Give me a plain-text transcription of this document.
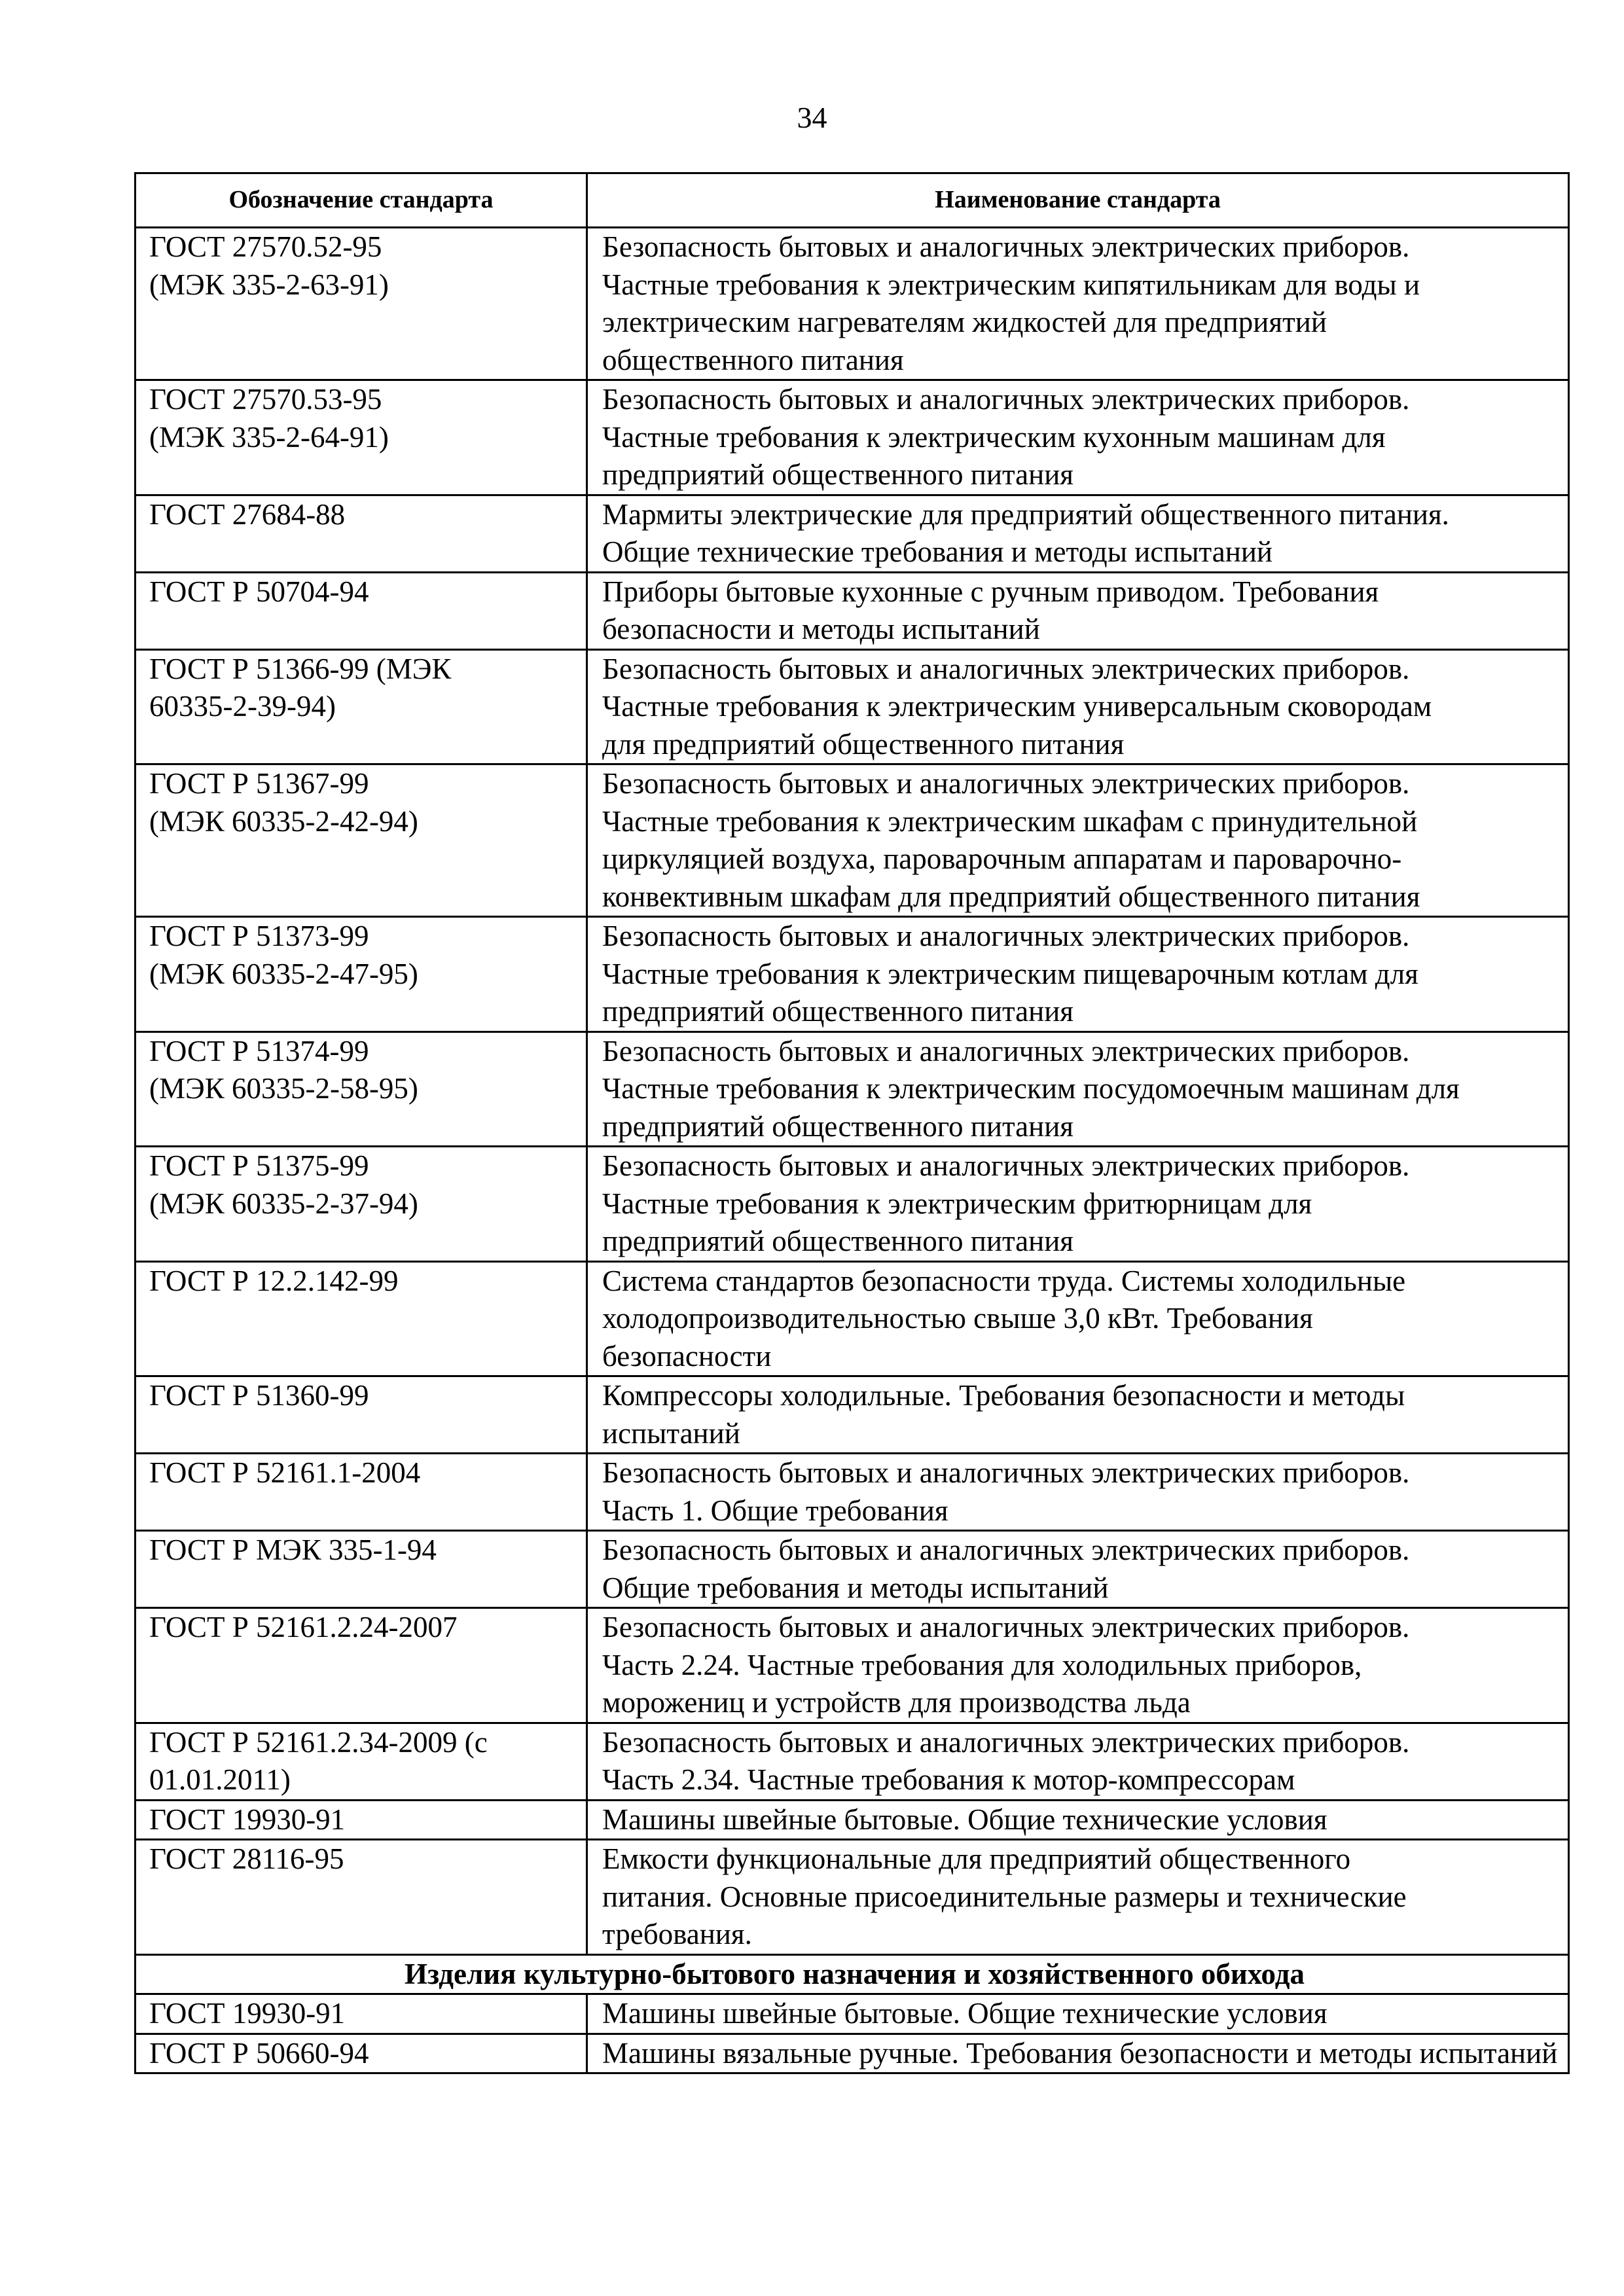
34
Обозначение стандарта	Наименование стандарта
ГОСТ 27570.52-95
(МЭК 335-2-63-91)	Безопасность бытовых и аналогичных электрических приборов.
Частные требования к электрическим кипятильникам для воды и
электрическим нагревателям жидкостей для предприятий
общественного питания
ГОСТ 27570.53-95
(МЭК 335-2-64-91)	Безопасность бытовых и аналогичных электрических приборов.
Частные требования к электрическим кухонным машинам для
предприятий общественного питания
ГОСТ 27684-88	Мармиты электрические для предприятий общественного питания.
Общие технические требования и методы испытаний
ГОСТ Р 50704-94	Приборы бытовые кухонные с ручным приводом. Требования
безопасности и методы испытаний
ГОСТ Р 51366-99 (МЭК
60335-2-39-94)	Безопасность бытовых и аналогичных электрических приборов.
Частные требования к электрическим универсальным сковородам
для предприятий общественного питания
ГОСТ Р 51367-99
(МЭК 60335-2-42-94)	Безопасность бытовых и аналогичных электрических приборов.
Частные требования к электрическим шкафам с принудительной
циркуляцией воздуха, пароварочным аппаратам и пароварочно-
конвективным шкафам для предприятий общественного питания
ГОСТ Р 51373-99
(МЭК 60335-2-47-95)	Безопасность бытовых и аналогичных электрических приборов.
Частные требования к электрическим пищеварочным котлам для
предприятий общественного питания
ГОСТ Р 51374-99
(МЭК 60335-2-58-95)	Безопасность бытовых и аналогичных электрических приборов.
Частные требования к электрическим посудомоечным машинам для
предприятий общественного питания
ГОСТ Р 51375-99
(МЭК 60335-2-37-94)	Безопасность бытовых и аналогичных электрических приборов.
Частные требования к электрическим фритюрницам для
предприятий общественного питания
ГОСТ Р 12.2.142-99	Система стандартов безопасности труда. Системы холодильные
холодопроизводительностью свыше 3,0 кВт. Требования
безопасности
ГОСТ Р 51360-99	Компрессоры холодильные. Требования безопасности и методы
испытаний
ГОСТ Р 52161.1-2004	Безопасность бытовых и аналогичных электрических приборов.
Часть 1. Общие требования
ГОСТ Р МЭК 335-1-94	Безопасность бытовых и аналогичных электрических приборов.
Общие требования и методы испытаний
ГОСТ Р 52161.2.24-2007	Безопасность бытовых и аналогичных электрических приборов.
Часть 2.24. Частные требования для холодильных приборов,
морожениц и устройств для производства льда
ГОСТ Р 52161.2.34-2009 (с
01.01.2011)	Безопасность бытовых и аналогичных электрических приборов.
Часть 2.34. Частные требования к мотор-компрессорам
ГОСТ 19930-91	Машины швейные бытовые. Общие технические условия
ГОСТ 28116-95	Емкости функциональные для предприятий общественного
питания. Основные присоединительные размеры и технические
требования.
Изделия культурно-бытового назначения и хозяйственного обихода	
ГОСТ 19930-91	Машины швейные бытовые. Общие технические условия
ГОСТ Р 50660-94	Машины вязальные ручные. Требования безопасности и методы испытаний
